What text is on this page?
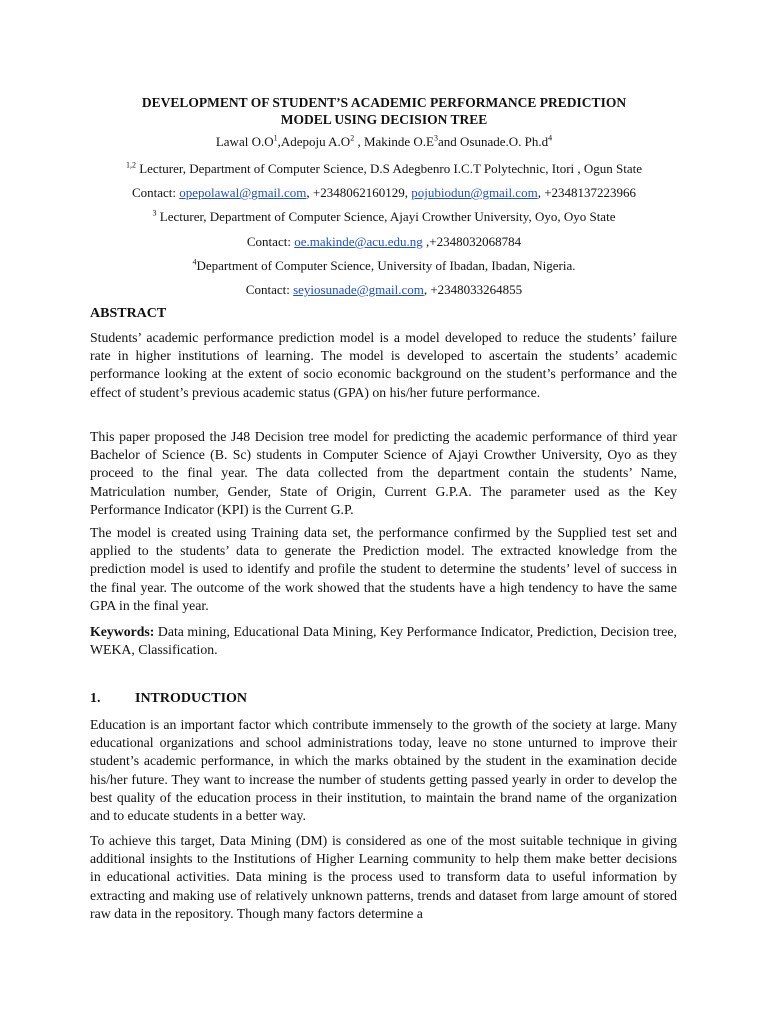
DEVELOPMENT OF STUDENT’S ACADEMIC PERFORMANCE PREDICTION
MODEL USING DECISION TREE
Lawal $O.O^1,Adepoju$ $A.O^2$ , Makinde $O.E^3and$ Osunade.O. $Ph.d^4$
$^{1,2}$ Lecturer, Department of Computer Science, D.S Adegbenro I.C.T Polytechnic, Itori , Ogun State
Contact: opepolawal@gmail.com, +2348062160129, pojubiodun@gmail.com, +2348137223966
$^3$ Lecturer, Department of Computer Science, Ajayi Crowther University, Oyo, Oyo State
Contact: oe.makinde@acu.edu.ng ,+2348032068784
$^4$Department of Computer Science, University of Ibadan, Ibadan, Nigeria.
Contact: seyiosunade@gmail.com, +2348033264855
ABSTRACT

Students’ academic performance prediction model is a model developed to reduce the students’ failure rate in higher institutions of learning. The model is developed to ascertain the students’ academic performance looking at the extent of socio economic background on the student’s performance and the effect of student’s previous academic status (GPA) on his/her future performance.

This paper proposed the J48 Decision tree model for predicting the academic performance of third year Bachelor of Science (B. Sc) students in Computer Science of Ajayi Crowther University, Oyo as they proceed to the final year. The data collected from the department contain the students’ Name, Matriculation number, Gender, State of Origin, Current G.P.A. The parameter used as the Key Performance Indicator (KPI) is the Current G.P.

The model is created using Training data set, the performance confirmed by the Supplied test set and applied to the students’ data to generate the Prediction model. The extracted knowledge from the prediction model is used to identify and profile the student to determine the students’ level of success in the final year. The outcome of the work showed that the students have a high tendency to have the same GPA in the final year.

Keywords: Data mining, Educational Data Mining, Key Performance Indicator, Prediction, Decision tree, WEKA, Classification.

1. INTRODUCTION

Education is an important factor which contribute immensely to the growth of the society at large. Many educational organizations and school administrations today, leave no stone unturned to improve their student’s academic performance, in which the marks obtained by the student in the examination decide his/her future. They want to increase the number of students getting passed yearly in order to develop the best quality of the education process in their institution, to maintain the brand name of the organization and to educate students in a better way.

To achieve this target, Data Mining (DM) is considered as one of the most suitable technique in giving additional insights to the Institutions of Higher Learning community to help them make better decisions in educational activities. Data mining is the process used to transform data to useful information by extracting and making use of relatively unknown patterns, trends and dataset from large amount of stored raw data in the repository. Though many factors determine a
